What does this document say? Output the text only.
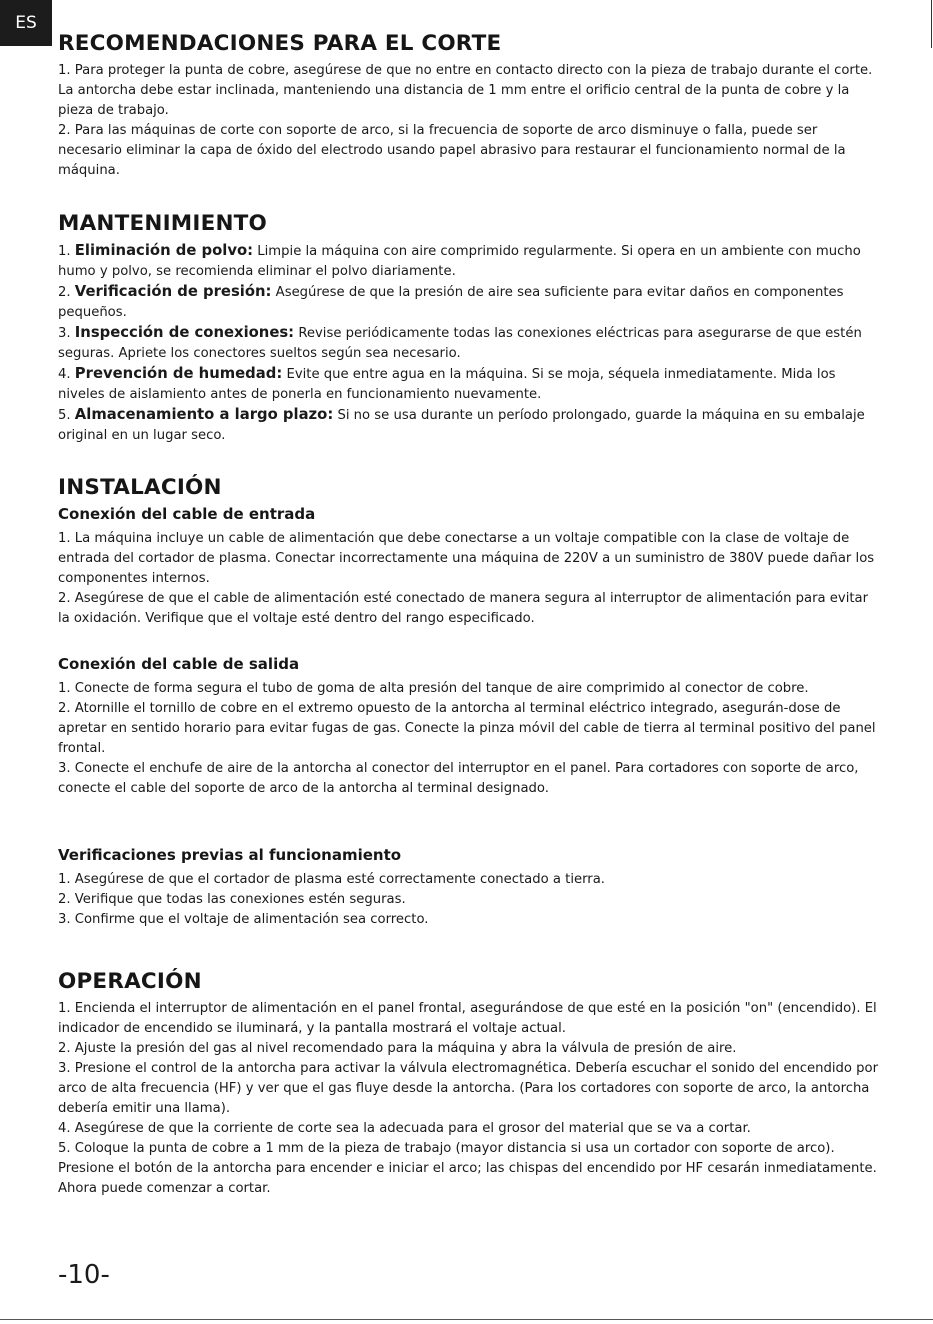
ES
RECOMENDACIONES PARA EL CORTE

1. Para proteger la punta de cobre, asegúrese de que no entre en contacto directo con la pieza de trabajo durante el corte. La antorcha debe estar inclinada, manteniendo una distancia de 1 mm entre el orificio central de la punta de cobre y la pieza de trabajo.

2. Para las máquinas de corte con soporte de arco, si la frecuencia de soporte de arco disminuye o falla, puede ser necesario eliminar la capa de óxido del electrodo usando papel abrasivo para restaurar el funcionamiento normal de la máquina.

MANTENIMIENTO

1. Eliminación de polvo: Limpie la máquina con aire comprimido regularmente. Si opera en un ambiente con mucho humo y polvo, se recomienda eliminar el polvo diariamente.

2. Verificación de presión: Asegúrese de que la presión de aire sea suficiente para evitar daños en componentes pequeños.

3. Inspección de conexiones: Revise periódicamente todas las conexiones eléctricas para asegurarse de que estén seguras. Apriete los conectores sueltos según sea necesario.

4. Prevención de humedad: Evite que entre agua en la máquina. Si se moja, séquela inmediatamente. Mida los niveles de aislamiento antes de ponerla en funcionamiento nuevamente.

5. Almacenamiento a largo plazo: Si no se usa durante un período prolongado, guarde la máquina en su embalaje original en un lugar seco.

INSTALACIÓN
Conexión del cable de entrada

1. La máquina incluye un cable de alimentación que debe conectarse a un voltaje compatible con la clase de voltaje de entrada del cortador de plasma. Conectar incorrectamente una máquina de 220V a un suministro de 380V puede dañar los componentes internos.

2. Asegúrese de que el cable de alimentación esté conectado de manera segura al interruptor de alimentación para evitar la oxidación. Verifique que el voltaje esté dentro del rango especificado.

Conexión del cable de salida

1. Conecte de forma segura el tubo de goma de alta presión del tanque de aire comprimido al conector de cobre.

2. Atornille el tornillo de cobre en el extremo opuesto de la antorcha al terminal eléctrico integrado, asegurán-dose de apretar en sentido horario para evitar fugas de gas. Conecte la pinza móvil del cable de tierra al terminal positivo del panel frontal.

3. Conecte el enchufe de aire de la antorcha al conector del interruptor en el panel. Para cortadores con soporte de arco, conecte el cable del soporte de arco de la antorcha al terminal designado.

Verificaciones previas al funcionamiento

1. Asegúrese de que el cortador de plasma esté correctamente conectado a tierra.

2. Verifique que todas las conexiones estén seguras.

3. Confirme que el voltaje de alimentación sea correcto.

OPERACIÓN

1. Encienda el interruptor de alimentación en el panel frontal, asegurándose de que esté en la posición "on" (encendido). El indicador de encendido se iluminará, y la pantalla mostrará el voltaje actual.

2. Ajuste la presión del gas al nivel recomendado para la máquina y abra la válvula de presión de aire.

3. Presione el control de la antorcha para activar la válvula electromagnética. Debería escuchar el sonido del encendido por arco de alta frecuencia (HF) y ver que el gas fluye desde la antorcha. (Para los cortadores con soporte de arco, la antorcha debería emitir una llama).

4. Asegúrese de que la corriente de corte sea la adecuada para el grosor del material que se va a cortar.

5. Coloque la punta de cobre a 1 mm de la pieza de trabajo (mayor distancia si usa un cortador con soporte de arco). Presione el botón de la antorcha para encender e iniciar el arco; las chispas del encendido por HF cesarán inmediatamente. Ahora puede comenzar a cortar.

-10-
